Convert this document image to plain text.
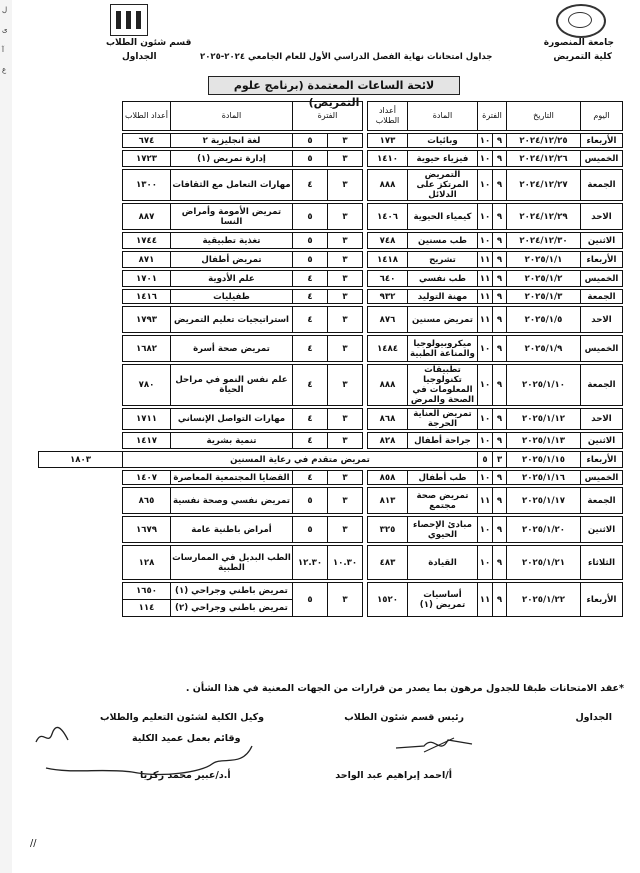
ل
ى
آ
ع
قسم شئون الطلاب
الجداول
جامعة المنصورة
كلية التمريض
جداول امتحانات نهاية الفصل الدراسي الأول للعام الجامعي ٢٠٢٤-٢٠٢٥
لائحة الساعات المعتمدة (برنامج علوم التمريض)
اليوم	التاريخ	الفترة		المادة	أعداد الطلاب		الفترة		المادة	أعداد الطلاب	

الأربعاء	٢٠٢٤/١٢/٢٥	٩	١٠	وبائيات	١٧٣		٣	٥	لغة انجليزية ٢	٦٧٤	

الخميس	٢٠٢٤/١٢/٢٦	٩	١٠	فيزياء حيوية	١٤١٠		٣	٥	إدارة تمريض (١)	١٧٢٣	

الجمعة	٢٠٢٤/١٢/٢٧	٩	١٠	التمريض المرتكز على الدلائل	٨٨٨		٣	٤	مهارات التعامل مع الثقافات	١٣٠٠	

الاحد	٢٠٢٤/١٢/٢٩	٩	١٠	كيمياء الحيوية	١٤٠٦		٣	٥	تمريض الأمومة وأمراض النسا	٨٨٧	

الاثنين	٢٠٢٤/١٢/٣٠	٩	١٠	طب مسنين	٧٤٨		٣	٥	تغذية تطبيقية	١٧٤٤	

الأربعاء	٢٠٢٥/١/١	٩	١١	تشريح	١٤١٨		٣	٥	تمريض أطفال	٨٧١	

الخميس	٢٠٢٥/١/٢	٩	١١	طب نفسي	٦٤٠		٣	٤	علم الأدوية	١٧٠١	

الجمعة	٢٠٢٥/١/٣	٩	١١	مهنة التوليد	٩٣٢		٣	٤	طفيليات	١٤١٦	

الاحد	٢٠٢٥/١/٥	٩	١١	تمريض مسنين	٨٧٦		٣	٤	استراتيجيات تعليم التمريض	١٧٩٣	

الخميس	٢٠٢٥/١/٩	٩	١٠	ميكروبيولوجيا والمناعة الطبية	١٤٨٤		٣	٤	تمريض صحة أسرة	١٦٨٢	

الجمعة	٢٠٢٥/١/١٠	٩	١٠	تطبيقات تكنولوجيا المعلومات في الصحة والمرض	٨٨٨		٣	٤	علم نفس النمو في مراحل الحياة	٧٨٠	

الاحد	٢٠٢٥/١/١٢	٩	١٠	تمريض العناية الحرجة	٨٦٨		٣	٤	مهارات التواصل الإنساني	١٧١١	

الاثنين	٢٠٢٥/١/١٣	٩	١٠	جراحة أطفال	٨٢٨		٣	٤	تنمية بشرية	١٤١٧	

الأربعاء	٢٠٢٥/١/١٥	٣	٥	تمريض متقدم في رعاية المسنين							١٨٠٣

الخميس	٢٠٢٥/١/١٦	٩	١٠	طب أطفال	٨٥٨		٣	٤	القضايا المجتمعية المعاصرة	١٤٠٧	

الجمعة	٢٠٢٥/١/١٧	٩	١١	تمريض صحة مجتمع	٨١٣		٣	٥	تمريض نفسي وصحة نفسية	٨٦٥	

الاثنين	٢٠٢٥/١/٢٠	٩	١٠	مبادئ الإحصاء الحيوي	٣٢٥		٣	٥	أمراض باطنية عامة	١٦٧٩	

الثلاثاء	٢٠٢٥/١/٢١	٩	١٠	القيادة	٤٨٣		١٠.٣٠	١٢.٣٠	الطب البديل في الممارسات الطبية	١٢٨	

الأربعاء	٢٠٢٥/١/٢٢	٩	١١	أساسيات تمريض (١)	١٥٢٠		٣	٥	تمريض باطني وجراحي (١)	١٦٥٠	
									تمريض باطني وجراحي (٢)	١١٤	
*عقد الامتحانات طبقا للجدول مرهون بما يصدر من قرارات من الجهات المعنية في هذا الشأن .
الجداول
رئيس قسم شئون الطلاب
وكيل الكلية لشئون التعليم والطلاب
وقائم بعمل عميد الكلية
أ/احمد إبراهيم عبد الواحد
أ.د/عبير محمد زكريا
//
